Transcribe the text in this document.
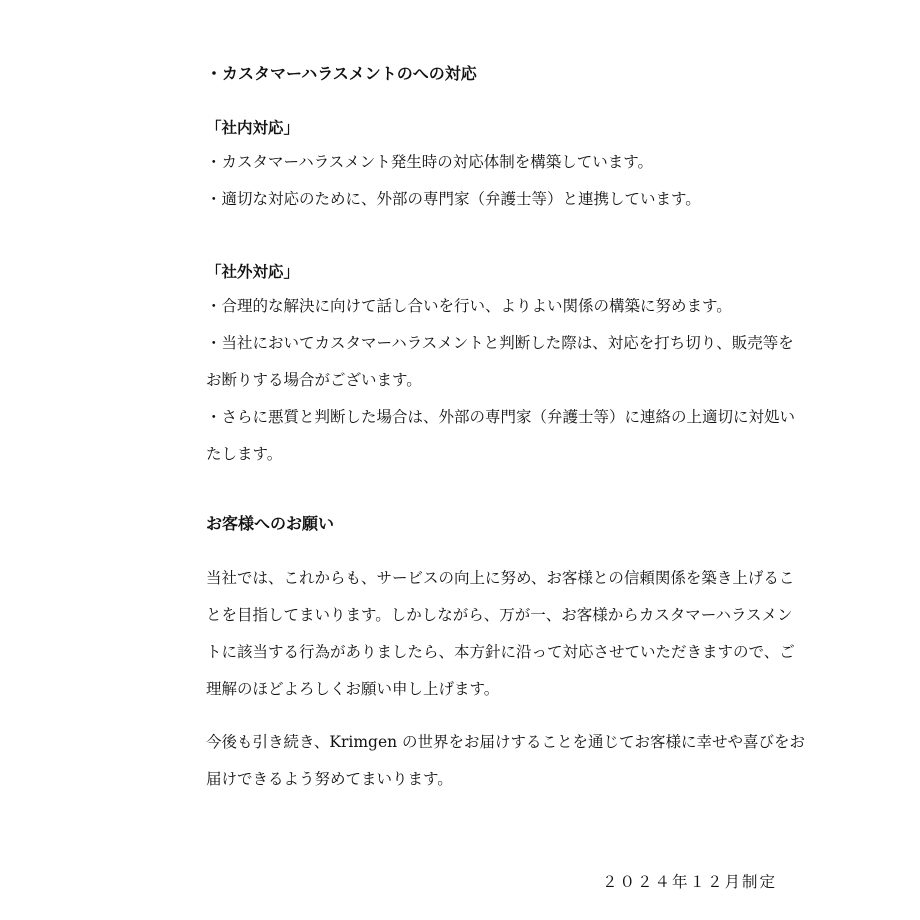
・カスタマーハラスメントのへの対応
「社内対応」
・カスタマーハラスメント発生時の対応体制を構築しています。
・適切な対応のために、外部の専門家（弁護士等）と連携しています。
「社外対応」
・合理的な解決に向けて話し合いを行い、よりよい関係の構築に努めます。
・当社においてカスタマーハラスメントと判断した際は、対応を打ち切り、販売等を
お断りする場合がございます。
・さらに悪質と判断した場合は、外部の専門家（弁護士等）に連絡の上適切に対処い
たします。
お客様へのお願い
当社では、これからも、サービスの向上に努め、お客様との信頼関係を築き上げるこ
とを目指してまいります。しかしながら、万が一、お客様からカスタマーハラスメン
トに該当する行為がありましたら、本方針に沿って対応させていただきますので、ご
理解のほどよろしくお願い申し上げます。
今後も引き続き、Krimgen の世界をお届けすることを通じてお客様に幸せや喜びをお
届けできるよう努めてまいります。
２０２４年１２月制定
